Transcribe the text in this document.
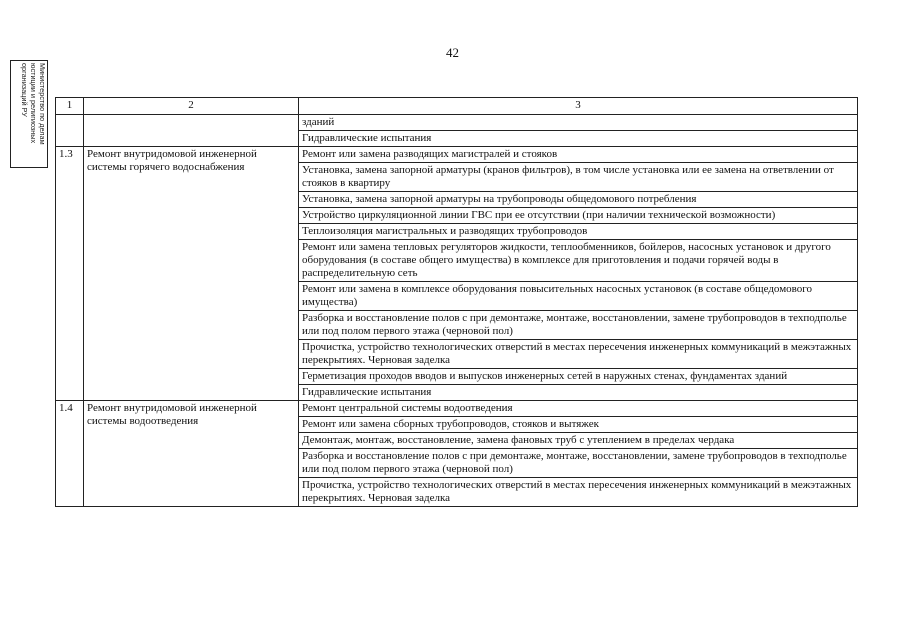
42
Министерство по делам
юстиции и религиозных
организаций РУ	1	2	3
		зданий
		Гидравлические испытания
1.3	Ремонт внутридомовой инженерной системы горячего водоснабжения	Ремонт или замена разводящих магистралей и стояков
		Установка, замена запорной арматуры (кранов фильтров), в том числе установка или ее замена на ответвлении от стояков в квартиру
		Установка, замена запорной арматуры на трубопроводы общедомового потребления
		Устройство циркуляционной линии ГВС при ее отсутствии (при наличии технической возможности)
		Теплоизоляция магистральных и разводящих трубопроводов
		Ремонт или замена тепловых регуляторов жидкости, теплообменников, бойлеров, насосных установок и другого оборудования (в составе общего имущества) в комплексе для приготовления и подачи горячей воды в распределительную сеть
		Ремонт или замена в комплексе оборудования повысительных насосных установок (в составе общедомового имущества)
		Разборка и восстановление полов с при демонтаже, монтаже, восстановлении, замене трубопроводов в техподполье или под полом первого этажа (черновой пол)
		Прочистка, устройство технологических отверстий в местах пересечения инженерных коммуникаций в межэтажных перекрытиях. Черновая заделка
		Герметизация проходов вводов и выпусков инженерных сетей в наружных стенах, фундаментах зданий
		Гидравлические испытания
1.4	Ремонт внутридомовой инженерной системы водоотведения	Ремонт центральной системы водоотведения
		Ремонт или замена сборных трубопроводов, стояков и вытяжек
		Демонтаж, монтаж, восстановление, замена фановых труб с утеплением в пределах чердака
		Разборка и восстановление полов с при демонтаже, монтаже, восстановлении, замене трубопроводов в техподполье или под полом первого этажа (черновой пол)
		Прочистка, устройство технологических отверстий в местах пересечения инженерных коммуникаций в межэтажных перекрытиях. Черновая заделка
